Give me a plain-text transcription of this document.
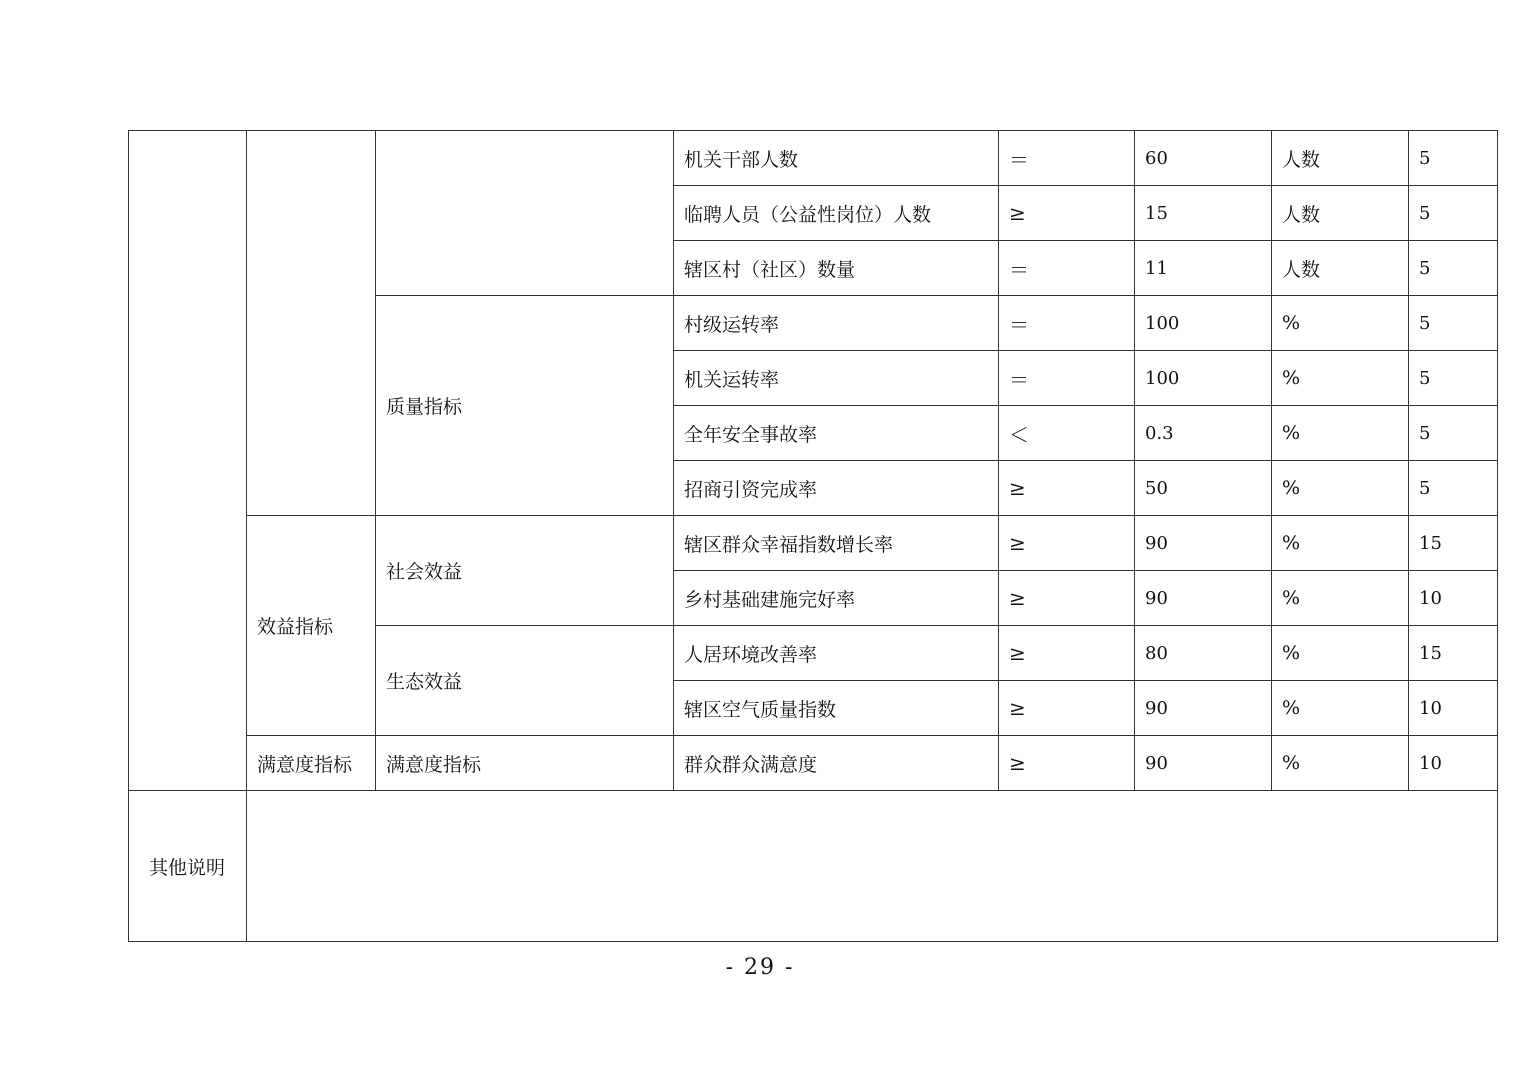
			机关干部人数	＝	60	人数	5
			临聘人员（公益性岗位）人数	≥	15	人数	5
			辖区村（社区）数量	＝	11	人数	5
		质量指标	村级运转率	＝	100	%	5
			机关运转率	＝	100	%	5
			全年安全事故率	＜	0.3	%	5
			招商引资完成率	≥	50	%	5
	效益指标	社会效益	辖区群众幸福指数增长率	≥	90	%	15
			乡村基础建施完好率	≥	90	%	10
		生态效益	人居环境改善率	≥	80	%	15
			辖区空气质量指数	≥	90	%	10
	满意度指标	满意度指标	群众群众满意度	≥	90	%	10
其他说明							
- 29 -
